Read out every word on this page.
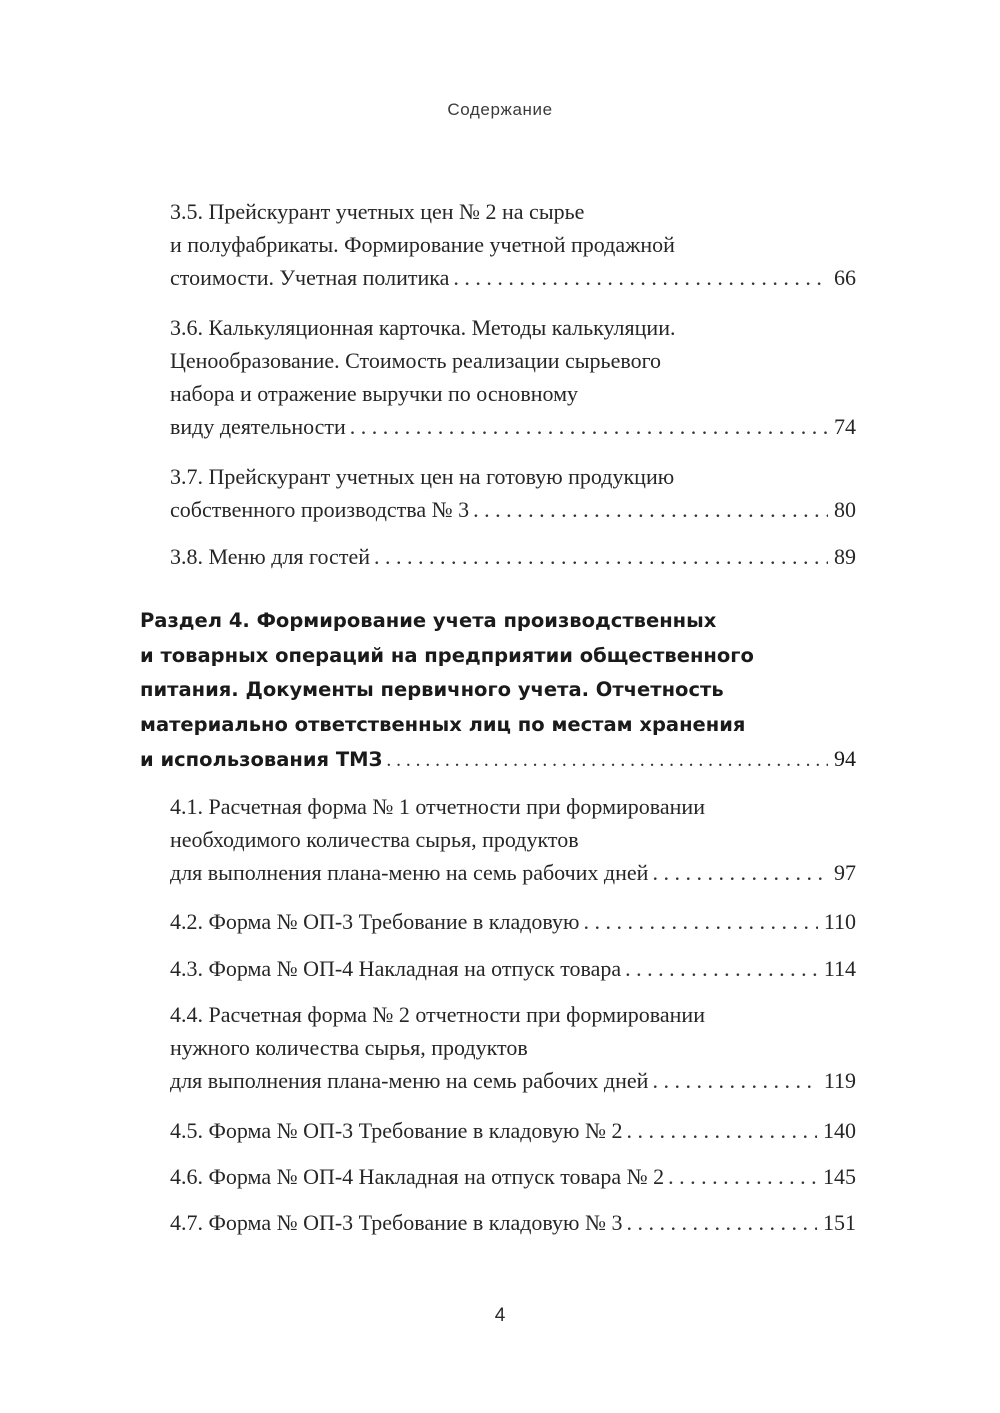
Содержание
3.5. Прейскурант учетных цен № 2 на сырье
и полуфабрикаты. Формирование учетной продажной
стоимости. Учетная политика . . .	66
3.6. Калькуляционная карточка. Методы калькуляции.
Ценообразование. Стоимость реализации сырьевого
набора и отражение выручки по основному
виду деятельности . . .	74
3.7. Прейскурант учетных цен на готовую продукцию
собственного производства № 3 . . .	80
3.8. Меню для гостей . . .	89
Раздел 4. Формирование учета производственных
и товарных операций на предприятии общественного
питания. Документы первичного учета. Отчетность
материально ответственных лиц по местам хранения
и использования ТМЗ . . .	94
4.1. Расчетная форма № 1 отчетности при формировании
необходимого количества сырья, продуктов
для выполнения плана-меню на семь рабочих дней . . .	97
4.2. Форма № ОП-3 Требование в кладовую . . .	110
4.3. Форма № ОП-4 Накладная на отпуск товара . . .	114
4.4. Расчетная форма № 2 отчетности при формировании
нужного количества сырья, продуктов
для выполнения плана-меню на семь рабочих дней . . .	119
4.5. Форма № ОП-3 Требование в кладовую № 2 . . .	140
4.6. Форма № ОП-4 Накладная на отпуск товара № 2 . . .	145
4.7. Форма № ОП-3 Требование в кладовую № 3 . . .	151
4
